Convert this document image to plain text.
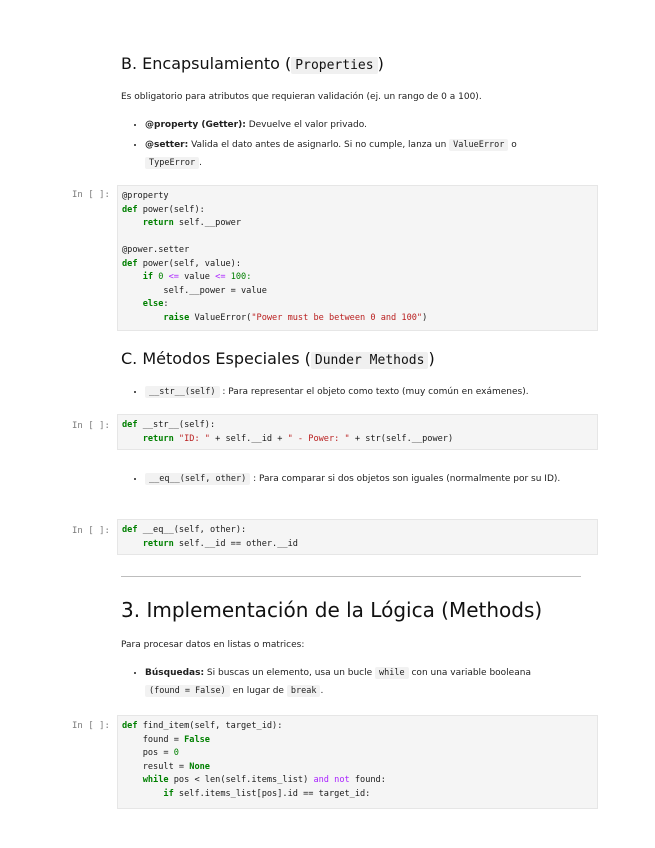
B. Encapsulamiento ( Properties )

Es obligatorio para atributos que requieran validación (ej. un rango de 0 a 100).

• @property (Getter): Devuelve el valor privado.
• @setter: Valida el dato antes de asignarlo. Si no cumple, lanza un ValueError o
TypeError .
In [ ]: @property
def power(self):
return self.__power

@power.setter
def power(self, value):
if 0 <= value <= 100:
self.__power = value
else:
raise ValueError("Power must be between 0 and 100")
C. Métodos Especiales ( Dunder Methods )
• __str__(self) : Para representar el objeto como texto (muy común en exámenes).
In [ ]: def __str__(self):
return "ID: " + self.__id + " - Power: " + str(self.__power)
• __eq__(self, other) : Para comparar si dos objetos son iguales (normalmente por su ID).
In [ ]: def __eq__(self, other):
return self.__id == other.__id
3. Implementación de la Lógica (Methods)

Para procesar datos en listas o matrices:

• Búsquedas: Si buscas un elemento, usa un bucle while con una variable booleana
(found = False) en lugar de break .
In [ ]: def find_item(self, target_id):
found = False
pos = 0
result = None
while pos < len(self.items_list) and not found:
if self.items_list[pos].id == target_id:
